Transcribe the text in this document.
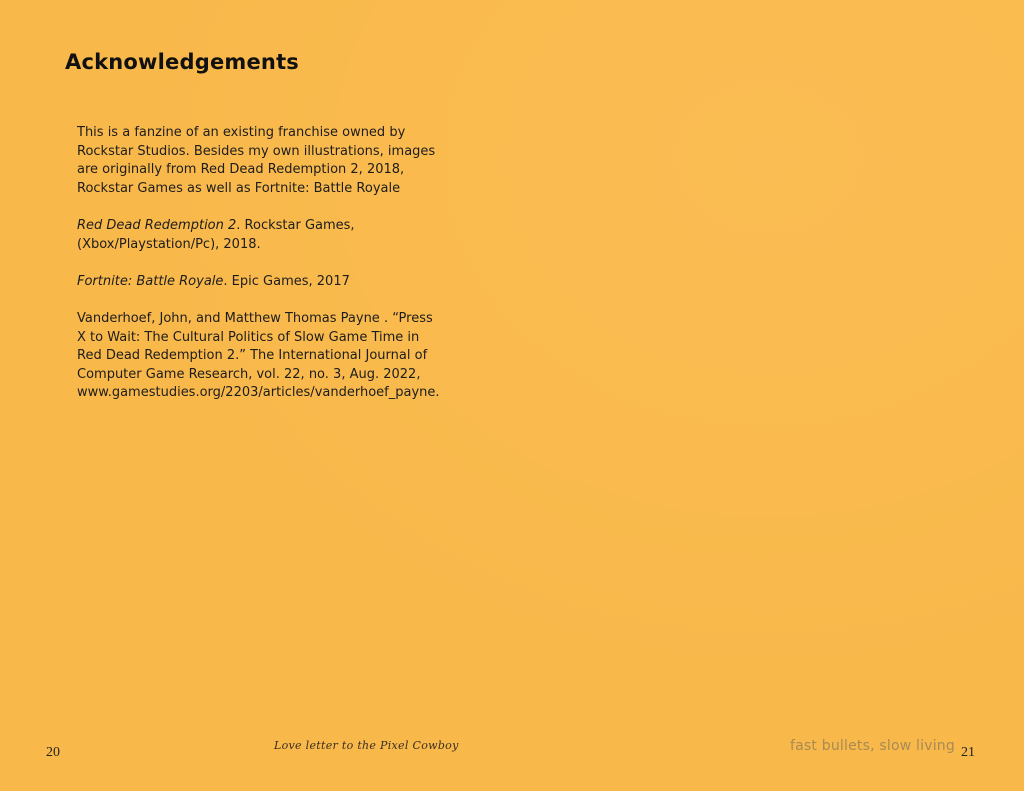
Acknowledgements

This is a fanzine of an existing franchise owned by Rockstar Studios. Besides my own illustrations, images are originally from Red Dead Redemption 2, 2018, Rockstar Games as well as Fortnite: Battle Royale

Red Dead Redemption 2. Rockstar Games, (Xbox/Playstation/Pc), 2018.

Fortnite: Battle Royale. Epic Games, 2017

Vanderhoef, John, and Matthew Thomas Payne . “Press X to Wait: The Cultural Politics of Slow Game Time in Red Dead Redemption 2.” The International Journal of Computer Game Research, vol. 22, no. 3, Aug. 2022, www.gamestudies.org/2203/articles/vanderhoef_payne.

20	Love letter to the Pixel Cowboy	fast bullets, slow living 21
